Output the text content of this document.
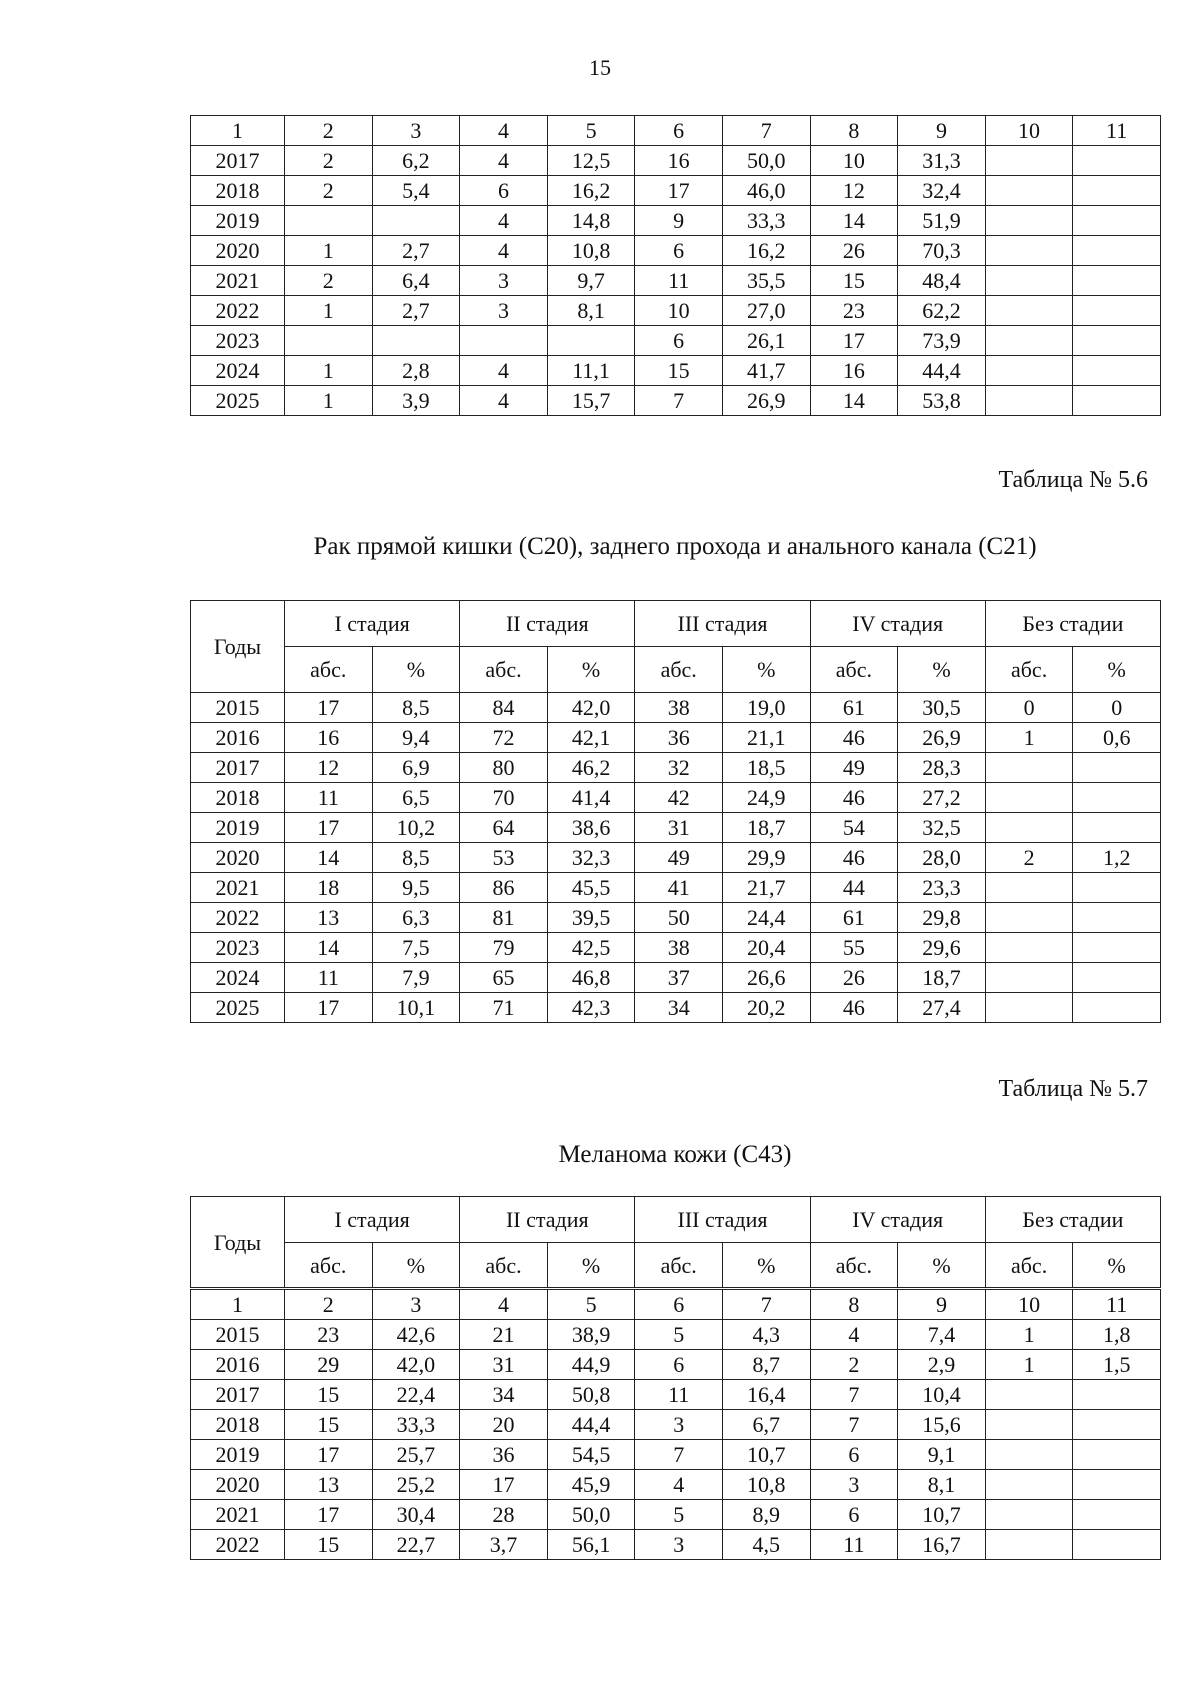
15
1	2	3	4	5	6	7	8	9	10	11
2017	2	6,2	4	12,5	16	50,0	10	31,3		
2018	2	5,4	6	16,2	17	46,0	12	32,4		
2019			4	14,8	9	33,3	14	51,9		
2020	1	2,7	4	10,8	6	16,2	26	70,3		
2021	2	6,4	3	9,7	11	35,5	15	48,4		
2022	1	2,7	3	8,1	10	27,0	23	62,2		
2023					6	26,1	17	73,9		
2024	1	2,8	4	11,1	15	41,7	16	44,4		
2025	1	3,9	4	15,7	7	26,9	14	53,8		
Таблица № 5.6
Рак прямой кишки (С20), заднего прохода и анального канала (С21)
Годы	I стадия		II стадия		III стадия		IV стадия		Без стадии	
	абс.	%	абс.	%	абс.	%	абс.	%	абс.	%
2015	17	8,5	84	42,0	38	19,0	61	30,5	0	0
2016	16	9,4	72	42,1	36	21,1	46	26,9	1	0,6
2017	12	6,9	80	46,2	32	18,5	49	28,3		
2018	11	6,5	70	41,4	42	24,9	46	27,2		
2019	17	10,2	64	38,6	31	18,7	54	32,5		
2020	14	8,5	53	32,3	49	29,9	46	28,0	2	1,2
2021	18	9,5	86	45,5	41	21,7	44	23,3		
2022	13	6,3	81	39,5	50	24,4	61	29,8		
2023	14	7,5	79	42,5	38	20,4	55	29,6		
2024	11	7,9	65	46,8	37	26,6	26	18,7		
2025	17	10,1	71	42,3	34	20,2	46	27,4		
Таблица № 5.7
Меланома кожи (С43)
Годы	I стадия		II стадия		III стадия		IV стадия		Без стадии	
	абс.	%	абс.	%	абс.	%	абс.	%	абс.	%
1	2	3	4	5	6	7	8	9	10	11
2015	23	42,6	21	38,9	5	4,3	4	7,4	1	1,8
2016	29	42,0	31	44,9	6	8,7	2	2,9	1	1,5
2017	15	22,4	34	50,8	11	16,4	7	10,4		
2018	15	33,3	20	44,4	3	6,7	7	15,6		
2019	17	25,7	36	54,5	7	10,7	6	9,1		
2020	13	25,2	17	45,9	4	10,8	3	8,1		
2021	17	30,4	28	50,0	5	8,9	6	10,7		
2022	15	22,7	3,7	56,1	3	4,5	11	16,7		
